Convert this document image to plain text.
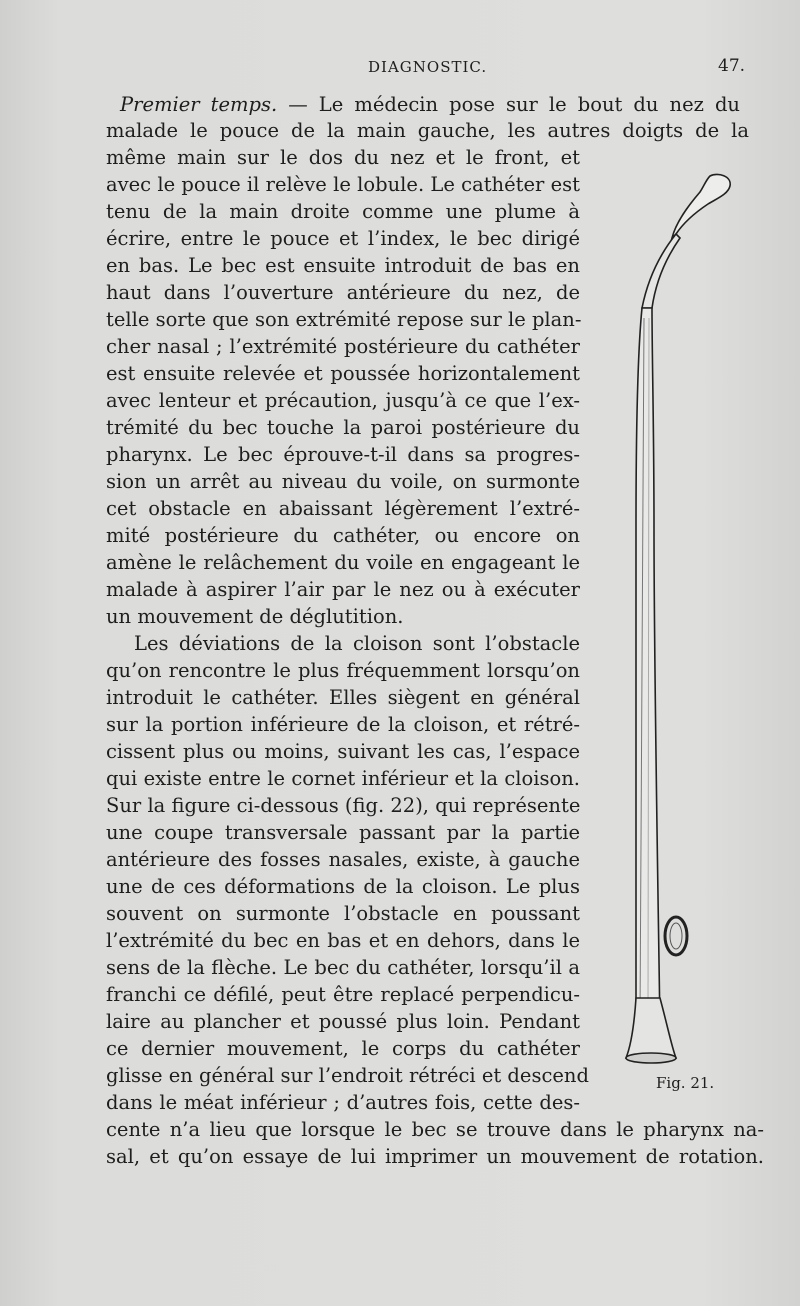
DIAGNOSTIC.	47.
Premier temps. — Le médecin pose sur le bout du nez du
malade le pouce de la main gauche, les autres doigts de la
même main sur le dos du nez et le front, et
avec le pouce il relève le lobule. Le cathéter est
tenu de la main droite comme une plume à
écrire, entre le pouce et l’index, le bec dirigé
en bas. Le bec est ensuite introduit de bas en
haut dans l’ouverture antérieure du nez, de
telle sorte que son extrémité repose sur le plan-
cher nasal ; l’extrémité postérieure du cathéter
est ensuite relevée et poussée horizontalement
avec lenteur et précaution, jusqu’à ce que l’ex-
trémité du bec touche la paroi postérieure du
pharynx. Le bec éprouve-t-il dans sa progres-
sion un arrêt au niveau du voile, on surmonte
cet obstacle en abaissant légèrement l’extré-
mité postérieure du cathéter, ou encore on
amène le relâchement du voile en engageant le
malade à aspirer l’air par le nez ou à exécuter
un mouvement de déglutition.
Les déviations de la cloison sont l’obstacle
qu’on rencontre le plus fréquemment lorsqu’on
introduit le cathéter. Elles siègent en général
sur la portion inférieure de la cloison, et rétré-
cissent plus ou moins, suivant les cas, l’espace
qui existe entre le cornet inférieur et la cloison.
Sur la figure ci-dessous (fig. 22), qui représente
une coupe transversale passant par la partie
antérieure des fosses nasales, existe, à gauche
une de ces déformations de la cloison. Le plus
souvent on surmonte l’obstacle en poussant
l’extrémité du bec en bas et en dehors, dans le
sens de la flèche. Le bec du cathéter, lorsqu’il a
franchi ce défilé, peut être replacé perpendicu-
laire au plancher et poussé plus loin. Pendant
ce dernier mouvement, le corps du cathéter
glisse en général sur l’endroit rétréci et descend
dans le méat inférieur ; d’autres fois, cette des-
cente n’a lieu que lorsque le bec se trouve dans le pharynx na-
sal, et qu’on essaye de lui imprimer un mouvement de rotation.
Fig. 21.
